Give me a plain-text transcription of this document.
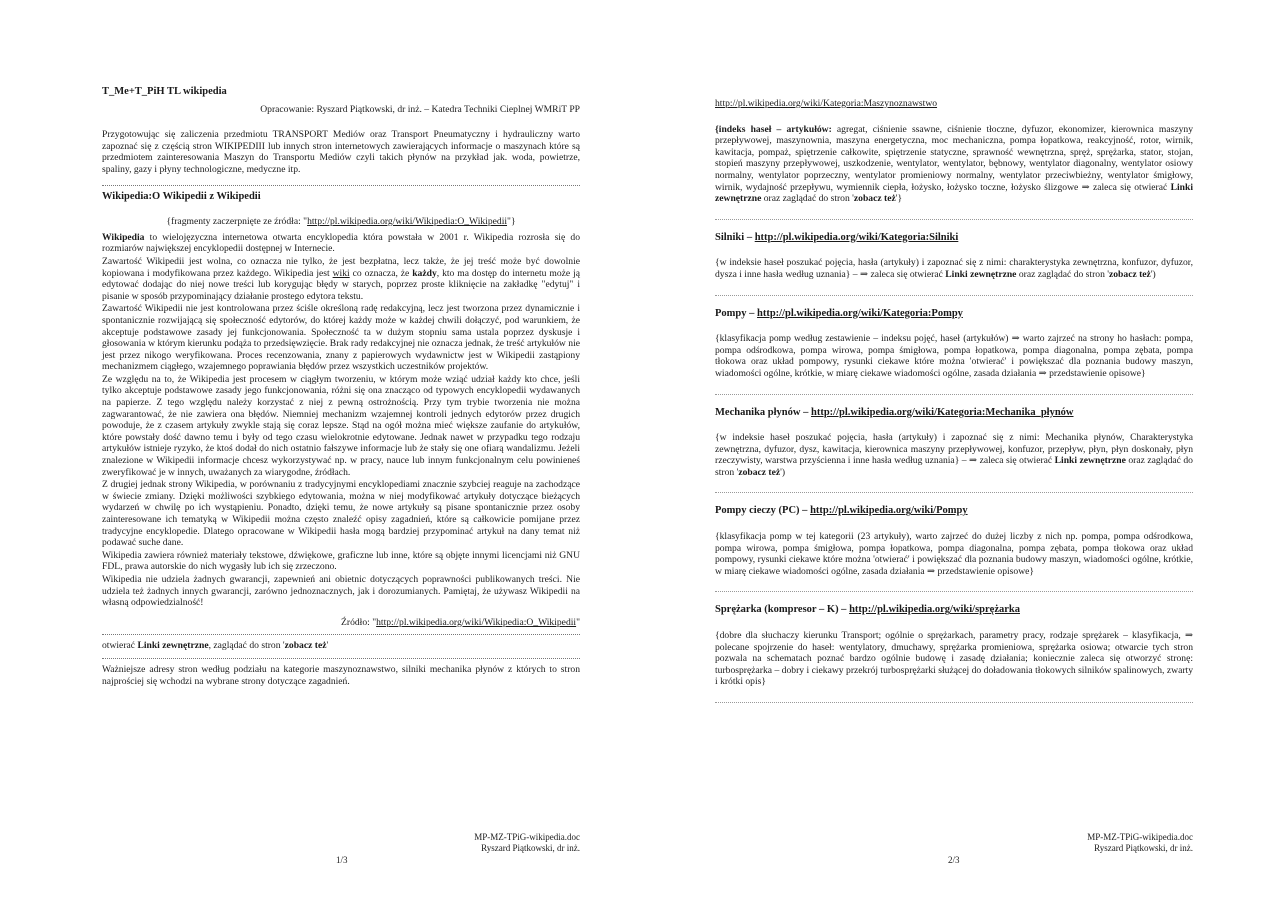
T_Me+T_PiH TL wikipedia
Opracowanie: Ryszard Piątkowski, dr inż. – Katedra Techniki Cieplnej WMRiT PP

Przygotowując się zaliczenia przedmiotu TRANSPORT Mediów oraz Transport Pneumatyczny i hydrauliczny warto zapoznać się z częścią stron WIKIPEDIII lub innych stron internetowych zawierających informacje o maszynach które są przedmiotem zainteresowania Maszyn do Transportu Mediów czyli takich płynów na przykład jak. woda, powietrze, spaliny, gazy i płyny technologiczne, medyczne itp.

Wikipedia:O Wikipedii z Wikipedii
{fragmenty zaczerpnięte ze źródła: "http://pl.wikipedia.org/wiki/Wikipedia:O_Wikipedii"}

Wikipedia to wielojęzyczna internetowa otwarta encyklopedia która powstała w 2001 r. Wikipedia rozrosła się do rozmiarów największej encyklopedii dostępnej w Internecie.

Zawartość Wikipedii jest wolna, co oznacza nie tylko, że jest bezpłatna, lecz także, że jej treść może być dowolnie kopiowana i modyfikowana przez każdego. Wikipedia jest wiki co oznacza, że każdy, kto ma dostęp do internetu może ją edytować dodając do niej nowe treści lub korygując błędy w starych, poprzez proste kliknięcie na zakładkę "edytuj" i pisanie w sposób przypominający działanie prostego edytora tekstu.

Zawartość Wikipedii nie jest kontrolowana przez ściśle określoną radę redakcyjną, lecz jest tworzona przez dynamicznie i spontanicznie rozwijającą się społeczność edytorów, do której każdy może w każdej chwili dołączyć, pod warunkiem, że akceptuje podstawowe zasady jej funkcjonowania. Społeczność ta w dużym stopniu sama ustala poprzez dyskusje i głosowania w którym kierunku podąża to przedsięwzięcie. Brak rady redakcyjnej nie oznacza jednak, że treść artykułów nie jest przez nikogo weryfikowana. Proces recenzowania, znany z papierowych wydawnictw jest w Wikipedii zastąpiony mechanizmem ciągłego, wzajemnego poprawiania błędów przez wszystkich uczestników projektów.

Ze względu na to, że Wikipedia jest procesem w ciągłym tworzeniu, w którym może wziąć udział każdy kto chce, jeśli tylko akceptuje podstawowe zasady jego funkcjonowania, różni się ona znacząco od typowych encyklopedii wydawanych na papierze. Z tego względu należy korzystać z niej z pewną ostrożnością. Przy tym trybie tworzenia nie można zagwarantować, że nie zawiera ona błędów. Niemniej mechanizm wzajemnej kontroli jednych edytorów przez drugich powoduje, że z czasem artykuły zwykle stają się coraz lepsze. Stąd na ogół można mieć większe zaufanie do artykułów, które powstały dość dawno temu i były od tego czasu wielokrotnie edytowane. Jednak nawet w przypadku tego rodzaju artykułów istnieje ryzyko, że ktoś dodał do nich ostatnio fałszywe informacje lub że stały się one ofiarą wandalizmu. Jeżeli znalezione w Wikipedii informacje chcesz wykorzystywać np. w pracy, nauce lub innym funkcjonalnym celu powinieneś zweryfikować je w innych, uważanych za wiarygodne, źródłach.

Z drugiej jednak strony Wikipedia, w porównaniu z tradycyjnymi encyklopediami znacznie szybciej reaguje na zachodzące w świecie zmiany. Dzięki możliwości szybkiego edytowania, można w niej modyfikować artykuły dotyczące bieżących wydarzeń w chwilę po ich wystąpieniu. Ponadto, dzięki temu, że nowe artykuły są pisane spontanicznie przez osoby zainteresowane ich tematyką w Wikipedii można często znaleźć opisy zagadnień, które są całkowicie pomijane przez tradycyjne encyklopedie. Dlatego opracowane w Wikipedii hasła mogą bardziej przypominać artykuł na dany temat niż podawać suche dane.

Wikipedia zawiera również materiały tekstowe, dźwiękowe, graficzne lub inne, które są objęte innymi licencjami niż GNU FDL, prawa autorskie do nich wygasły lub ich się zrzeczono.

Wikipedia nie udziela żadnych gwarancji, zapewnień ani obietnic dotyczących poprawności publikowanych treści. Nie udziela też żadnych innych gwarancji, zarówno jednoznacznych, jak i dorozumianych. Pamiętaj, że używasz Wikipedii na własną odpowiedzialność!

Źródło: "http://pl.wikipedia.org/wiki/Wikipedia:O_Wikipedii"

otwierać Linki zewnętrzne, zaglądać do stron 'zobacz też'

Ważniejsze adresy stron według podziału na kategorie maszynoznawstwo, silniki mechanika płynów z których to stron najprościej się wchodzi na wybrane strony dotyczące zagadnień.

MP-MZ-TPiG-wikipedia.doc
Ryszard Piątkowski, dr inż.
1/3
http://pl.wikipedia.org/wiki/Kategoria:Maszynoznawstwo

{indeks haseł – artykułów: agregat, ciśnienie ssawne, ciśnienie tłoczne, dyfuzor, ekonomizer, kierownica maszyny przepływowej, maszynownia, maszyna energetyczna, moc mechaniczna, pompa łopatkowa, reakcyjność, rotor, wirnik, kawitacja, pompaż, spiętrzenie całkowite, spiętrzenie statyczne, sprawność wewnętrzna, spręż, sprężarka, stator, stojan, stopień maszyny przepływowej, uszkodzenie, wentylator, wentylator, bębnowy, wentylator diagonalny, wentylator osiowy normalny, wentylator poprzeczny, wentylator promieniowy normalny, wentylator przeciwbieżny, wentylator śmigłowy, wirnik, wydajność przepływu, wymiennik ciepła, łożysko, łożysko toczne, łożysko ślizgowe ⇒ zaleca się otwierać Linki zewnętrzne oraz zaglądać do stron 'zobacz też'}

Silniki – http://pl.wikipedia.org/wiki/Kategoria:Silniki

{w indeksie haseł poszukać pojęcia, hasła (artykuły) i zapoznać się z nimi: charakterystyka zewnętrzna, konfuzor, dyfuzor, dysza i inne hasła według uznania} – ⇒ zaleca się otwierać Linki zewnętrzne oraz zaglądać do stron 'zobacz też')

Pompy – http://pl.wikipedia.org/wiki/Kategoria:Pompy

{klasyfikacja pomp według zestawienie – indeksu pojęć, haseł (artykułów) ⇒ warto zajrzeć na strony ho hasłach: pompa, pompa odśrodkowa, pompa wirowa, pompa śmigłowa, pompa łopatkowa, pompa diagonalna, pompa zębata, pompa tłokowa oraz układ pompowy, rysunki ciekawe które można 'otwierać' i powiększać dla poznania budowy maszyn, wiadomości ogólne, krótkie, w miarę ciekawe wiadomości ogólne, zasada działania ⇒ przedstawienie opisowe}

Mechanika płynów – http://pl.wikipedia.org/wiki/Kategoria:Mechanika_płynów

{w indeksie haseł poszukać pojęcia, hasła (artykuły) i zapoznać się z nimi: Mechanika płynów, Charakterystyka zewnętrzna, dyfuzor, dysz, kawitacja, kierownica maszyny przepływowej, konfuzor, przepływ, płyn, płyn doskonały, płyn rzeczywisty, warstwa przyścienna i inne hasła według uznania} – ⇒ zaleca się otwierać Linki zewnętrzne oraz zaglądać do stron 'zobacz też')

Pompy cieczy (PC) – http://pl.wikipedia.org/wiki/Pompy

{klasyfikacja pomp w tej kategorii (23 artykuły), warto zajrzeć do dużej liczby z nich np. pompa, pompa odśrodkowa, pompa wirowa, pompa śmigłowa, pompa łopatkowa, pompa diagonalna, pompa zębata, pompa tłokowa oraz układ pompowy, rysunki ciekawe które można 'otwierać' i powiększać dla poznania budowy maszyn, wiadomości ogólne, krótkie, w miarę ciekawe wiadomości ogólne, zasada działania ⇒ przedstawienie opisowe}

Sprężarka (kompresor – K) – http://pl.wikipedia.org/wiki/sprężarka

{dobre dla słuchaczy kierunku Transport; ogólnie o sprężarkach, parametry pracy, rodzaje sprężarek – klasyfikacja, ⇒ polecane spojrzenie do haseł: wentylatory, dmuchawy, sprężarka promieniowa, sprężarka osiowa; otwarcie tych stron pozwala na schematach poznać bardzo ogólnie budowę i zasadę działania; koniecznie zaleca się otworzyć stronę: turbosprężarka – dobry i ciekawy przekrój turbosprężarki służącej do doładowania tłokowych silników spalinowych, zwarty i krótki opis}

MP-MZ-TPiG-wikipedia.doc
Ryszard Piątkowski, dr inż.
2/3
